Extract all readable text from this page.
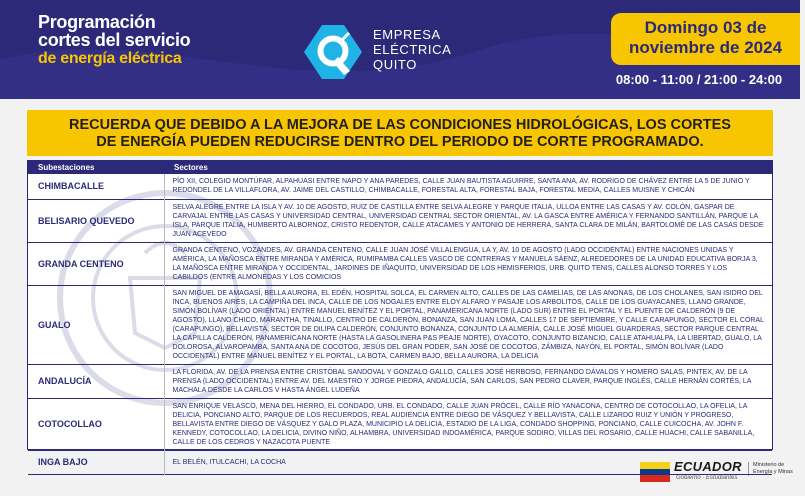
Programación
cortes del servicio
de energía eléctrica
EMPRESA
ELÉCTRICA
QUITO
Domingo 03 de
noviembre de 2024
08:00 - 11:00 / 21:00 - 24:00
RECUERDA QUE DEBIDO A LA MEJORA DE LAS CONDICIONES HIDROLÓGICAS, LOS CORTES
DE ENERGÍA PUEDEN REDUCIRSE DENTRO DEL PERIODO DE CORTE PROGRAMADO.
Subestaciones	Sectores
CHIMBACALLE	PÍO XII, COLEGIO MONTÚFAR, ALPAHUASI ENTRE NAPO Y ANA PAREDES, CALLE JUAN BAUTISTA AGUIRRE, SANTA ANA, AV. RODRIGO DE CHÁVEZ ENTRE LA 5 DE JUNIO Y REDONDEL DE LA VILLAFLORA, AV. JAIME DEL CASTILLO, CHIMBACALLE, FORESTAL ALTA, FORESTAL BAJA, FORESTAL MEDIA, CALLES MUISNE Y CHICÁN
BELISARIO QUEVEDO	SELVA ALEGRE ENTRE LA ISLA Y AV. 10 DE AGOSTO, RUIZ DE CASTILLA ENTRE SELVA ALEGRE Y PARQUE ITALIA, ULLOA ENTRE LAS CASAS Y AV. COLÓN, GASPAR DE CARVAJAL ENTRE LAS CASAS Y UNIVERSIDAD CENTRAL, UNIVERSIDAD CENTRAL SECTOR ORIENTAL, AV. LA GASCA ENTRE AMÉRICA Y FERNANDO SANTILLÁN, PARQUE LA ISLA, PARQUE ITALIA, HUMBERTO ALBORNOZ, CRISTO REDENTOR, CALLE ATACAMES Y ANTONIO DE HERRERA, SANTA CLARA DE MILÁN, BARTOLOMÉ DE LAS CASAS DESDE JUAN ACEVEDO
GRANDA CENTENO	GRANDA CENTENO, VOZANDES, AV. GRANDA CENTENO, CALLE JUAN JOSÉ VILLALENGUA, LA Y, AV. 10 DE AGOSTO (LADO OCCIDENTAL) ENTRE NACIONES UNIDAS Y AMÉRICA, LA MAÑOSCA ENTRE MIRANDA Y AMÉRICA, RUMIPAMBA CALLES VASCO DE CONTRERAS Y MANUELA SÁENZ, ALREDEDORES DE LA UNIDAD EDUCATIVA BORJA 3, LA MAÑOSCA ENTRE MIRANDA Y OCCIDENTAL, JARDINES DE IÑAQUITO, UNIVERSIDAD DE LOS HEMISFERIOS, URB. QUITO TENIS, CALLES ALONSO TORRES Y LOS CABILDOS (ENTRE ALMONEDAS Y LOS COMICIOS
GUALO	SAN MIGUEL DE AMAGASÍ, BELLA AURORA, EL EDÉN, HOSPITAL SOLCA, EL CARMEN ALTO, CALLES DE LAS CAMELIAS, DE LAS ANONAS, DE LOS CHOLANES, SAN ISIDRO DEL INCA, BUENOS AIRES, LA CAMPIÑA DEL INCA, CALLE DE LOS NOGALES ENTRE ELOY ALFARO Y PASAJE LOS ARBOLITOS, CALLE DE LOS GUAYACANES, LLANO GRANDE, SIMÓN BOLÍVAR (LADO ORIENTAL) ENTRE MANUEL BENÍTEZ Y EL PORTAL, PANAMERICANA NORTE (LADO SUR) ENTRE EL PORTAL Y EL PUENTE DE CALDERÓN (9 DE AGOSTO), LLANO CHICO, MARANTHA, TINALLO, CENTRO DE CALDERÓN, BONANZA, SAN JUAN LOMA, CALLES 17 DE SEPTIEMBRE, Y CALLE CARAPUNGO, SECTOR EL CORAL (CARAPUNGO), BELLAVISTA, SECTOR DE DILIPA CALDERÓN, CONJUNTO BONANZA, CONJUNTO LA ALMERÍA, CALLE JOSÉ MIGUEL GUARDERAS, SECTOR PARQUE CENTRAL LA CAPILLA CALDERÓN, PANAMERICANA NORTE (HASTA LA GASOLINERA P&S PEAJE NORTE), OYACOTO, CONJUNTO BIZANCIO, CALLE ATAHUALPA, LA LIBERTAD, GUALO, LA DOLOROSA, ALVAROPAMBA, SANTA ANA DE COCOTOG, JESÚS DEL GRAN PODER, SAN JOSÉ DE COCOTOG, ZÁMBIZA, NAYÓN, EL PORTAL, SIMÓN BOLÍVAR (LADO OCCIDENTAL) ENTRE MANUEL BENÍTEZ Y EL PORTAL, LA BOTA, CARMEN BAJO, BELLA AURORA, LA DELICIA
ANDALUCÍA	LA FLORIDA, AV. DE LA PRENSA ENTRE CRISTÓBAL SANDOVAL Y GONZALO GALLO, CALLES JOSÉ HERBOSO, FERNANDO DÁVALOS Y HOMERO SALAS, PINTEX, AV. DE LA PRENSA (LADO OCCIDENTAL) ENTRE AV. DEL MAESTRO Y JORGE PIEDRA, ANDALUCÍA, SAN CARLOS, SAN PEDRO CLAVER, PARQUE INGLÉS, CALLE HERNÁN CORTÉS, LA MACHALA DESDE LA CARLOS V HASTA ÁNGEL LUDEÑA
COTOCOLLAO	SAN ENRIQUE VELASCO, MENA DEL HIERRO, EL CONDADO, URB. EL CONDADO, CALLE JUAN PRÓCEL, CALLE RÍO YANACONA, CENTRO DE COTOCOLLAO, LA OFELIA, LA DELICIA, PONCIANO ALTO, PARQUE DE LOS RECUERDOS, REAL AUDIENCIA ENTRE DIEGO DE VÁSQUEZ Y BELLAVISTA, CALLE LIZARDO RUIZ Y UNIÓN Y PROGRESO, BELLAVISTA ENTRE DIEGO DE VÁSQUEZ Y GALO PLAZA, MUNICIPIO LA DELICIA, ESTADIO DE LA LIGA, CONDADO SHOPPING, PONCIANO, CALLE CUICOCHA, AV. JOHN F. KENNEDY, COTOCOLLAO, LA DELICIA, DIVINO NIÑO, ALHAMBRA, UNIVERSIDAD INDOAMÉRICA, PARQUE SODIRO, VILLAS DEL ROSARIO, CALLE HUACHI, CALLE SABANILLA, CALLE DE LOS CEDROS Y NAZACOTA PUENTE
INGA BAJO	EL BELÉN, ITULCACHI, LA COCHA	ECUADOR
Gobierno · Estudiantes
Ministerio de Energía y Minas
